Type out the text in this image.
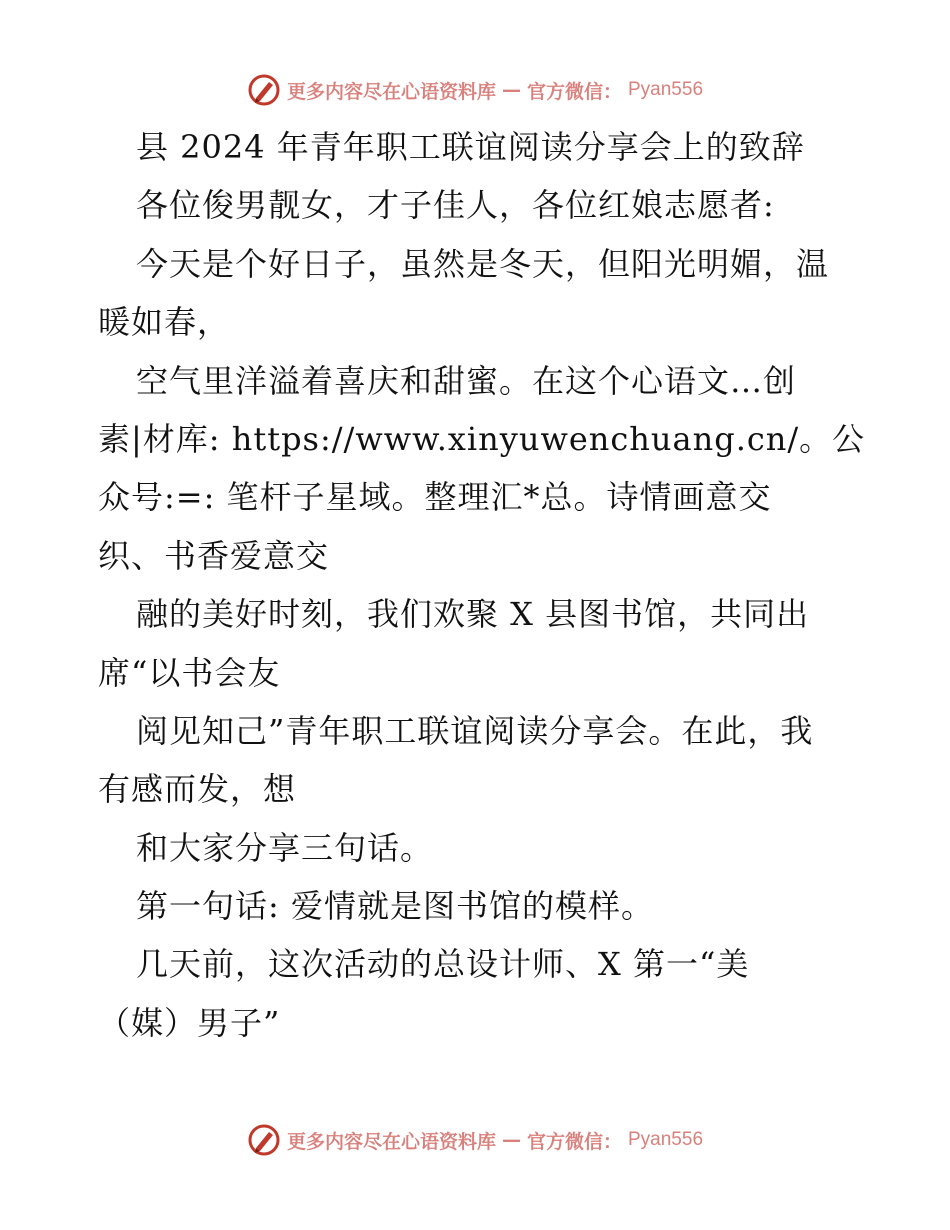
更多内容尽在心语资料库 — 官方微信： Pyan556
县 2024 年青年职工联谊阅读分享会上的致辞
各位俊男靓女，才子佳人，各位红娘志愿者:
今天是个好日子，虽然是冬天，但阳光明媚，温
暖如春，
空气里洋溢着喜庆和甜蜜。在这个心语文…创
素|材库: https://www.xinyuwenchuang.cn/。公
众号:=: 笔杆子星域。整理汇*总。诗情画意交
织、书香爱意交
融的美好时刻，我们欢聚 X 县图书馆，共同出
席“以书会友
阅见知己”青年职工联谊阅读分享会。在此，我
有感而发，想
和大家分享三句话。
第一句话: 爱情就是图书馆的模样。
几天前，这次活动的总设计师、X 第一“美
（媒）男子”
更多内容尽在心语资料库 — 官方微信： Pyan556
